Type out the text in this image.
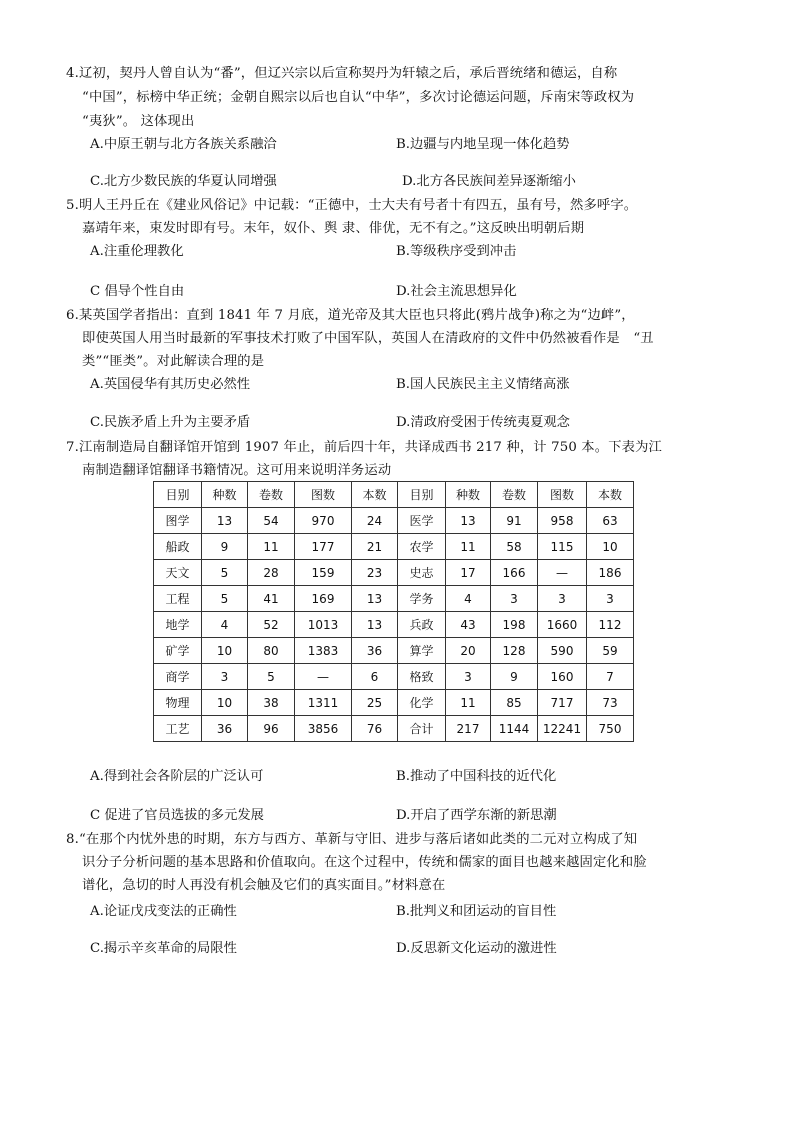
4.辽初，契丹人曾自认为“番”，但辽兴宗以后宣称契丹为轩辕之后，承后晋统绪和德运，自称
“中国”，标榜中华正统；金朝自熙宗以后也自认“中华”，多次讨论德运问题，斥南宋等政权为
“夷狄”。 这体现出
A.中原王朝与北方各族关系融洽	B.边疆与内地呈现一体化趋势
C.北方少数民族的华夏认同增强	D.北方各民族间差异逐渐缩小
5.明人王丹丘在《建业风俗记》中记载：“正德中，士大夫有号者十有四五，虽有号，然多呼字。
嘉靖年来，束发时即有号。末年，奴仆、舆 隶、俳优，无不有之。”这反映出明朝后期
A.注重伦理教化	B.等级秩序受到冲击
C 倡导个性自由	D.社会主流思想异化
6.某英国学者指出：直到 1841 年 7 月底，道光帝及其大臣也只将此(鸦片战争)称之为“边衅”，
即使英国人用当时最新的军事技术打败了中国军队，英国人在清政府的文件中仍然被看作是　“丑
类”“匪类”。对此解读合理的是
A.英国侵华有其历史必然性	B.国人民族民主主义情绪高涨
C.民族矛盾上升为主要矛盾	D.清政府受困于传统夷夏观念
7.江南制造局自翻译馆开馆到 1907 年止，前后四十年，共译成西书 217 种，计 750 本。下表为江
南制造翻译馆翻译书籍情况。这可用来说明洋务运动
目别	种数	卷数	图数	本数	目别	种数	卷数	图数	本数
图学	13	54	970	24	医学	13	91	958	63
船政	9	11	177	21	农学	11	58	115	10
天文	5	28	159	23	史志	17	166	—	186
工程	5	41	169	13	学务	4	3	3	3
地学	4	52	1013	13	兵政	43	198	1660	112
矿学	10	80	1383	36	算学	20	128	590	59
商学	3	5	—	6	格致	3	9	160	7
物理	10	38	1311	25	化学	11	85	717	73
工艺	36	96	3856	76	合计	217	1144	12241	750
A.得到社会各阶层的广泛认可	B.推动了中国科技的近代化
C 促进了官员选拔的多元发展	D.开启了西学东渐的新思潮
8.“在那个内忧外患的时期，东方与西方、革新与守旧、进步与落后诸如此类的二元对立构成了知
识分子分析问题的基本思路和价值取向。在这个过程中，传统和儒家的面目也越来越固定化和脸
谱化，急切的时人再没有机会触及它们的真实面目。”材料意在
A.论证戊戌变法的正确性	B.批判义和团运动的盲目性
C.揭示辛亥革命的局限性	D.反思新文化运动的激进性
